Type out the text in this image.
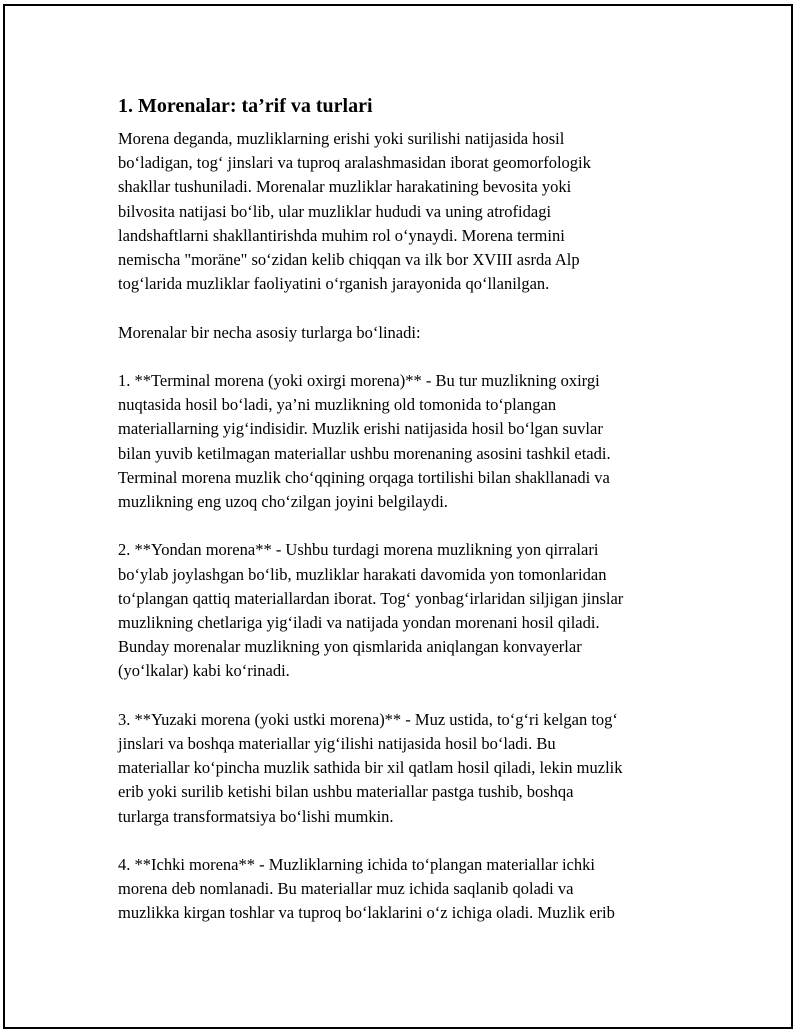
1. Morenalar: ta’rif va turlari

Morena deganda, muzliklarning erishi yoki surilishi natijasida hosil
bo‘ladigan, tog‘ jinslari va tuproq aralashmasidan iborat geomorfologik
shakllar tushuniladi. Morenalar muzliklar harakatining bevosita yoki
bilvosita natijasi bo‘lib, ular muzliklar hududi va uning atrofidagi
landshaftlarni shakllantirishda muhim rol o‘ynaydi. Morena termini
nemischa "moräne" so‘zidan kelib chiqqan va ilk bor XVIII asrda Alp
tog‘larida muzliklar faoliyatini o‘rganish jarayonida qo‘llanilgan.

Morenalar bir necha asosiy turlarga bo‘linadi:

1. **Terminal morena (yoki oxirgi morena)** - Bu tur muzlikning oxirgi
nuqtasida hosil bo‘ladi, ya’ni muzlikning old tomonida to‘plangan
materiallarning yig‘indisidir. Muzlik erishi natijasida hosil bo‘lgan suvlar
bilan yuvib ketilmagan materiallar ushbu morenaning asosini tashkil etadi.
Terminal morena muzlik cho‘qqining orqaga tortilishi bilan shakllanadi va
muzlikning eng uzoq cho‘zilgan joyini belgilaydi.

2. **Yondan morena** - Ushbu turdagi morena muzlikning yon qirralari
bo‘ylab joylashgan bo‘lib, muzliklar harakati davomida yon tomonlaridan
to‘plangan qattiq materiallardan iborat. Tog‘ yonbag‘irlaridan siljigan jinslar
muzlikning chetlariga yig‘iladi va natijada yondan morenani hosil qiladi.
Bunday morenalar muzlikning yon qismlarida aniqlangan konvayerlar
(yo‘lkalar) kabi ko‘rinadi.

3. **Yuzaki morena (yoki ustki morena)** - Muz ustida, to‘g‘ri kelgan tog‘
jinslari va boshqa materiallar yig‘ilishi natijasida hosil bo‘ladi. Bu
materiallar ko‘pincha muzlik sathida bir xil qatlam hosil qiladi, lekin muzlik
erib yoki surilib ketishi bilan ushbu materiallar pastga tushib, boshqa
turlarga transformatsiya bo‘lishi mumkin.

4. **Ichki morena** - Muzliklarning ichida to‘plangan materiallar ichki
morena deb nomlanadi. Bu materiallar muz ichida saqlanib qoladi va
muzlikka kirgan toshlar va tuproq bo‘laklarini o‘z ichiga oladi. Muzlik erib
